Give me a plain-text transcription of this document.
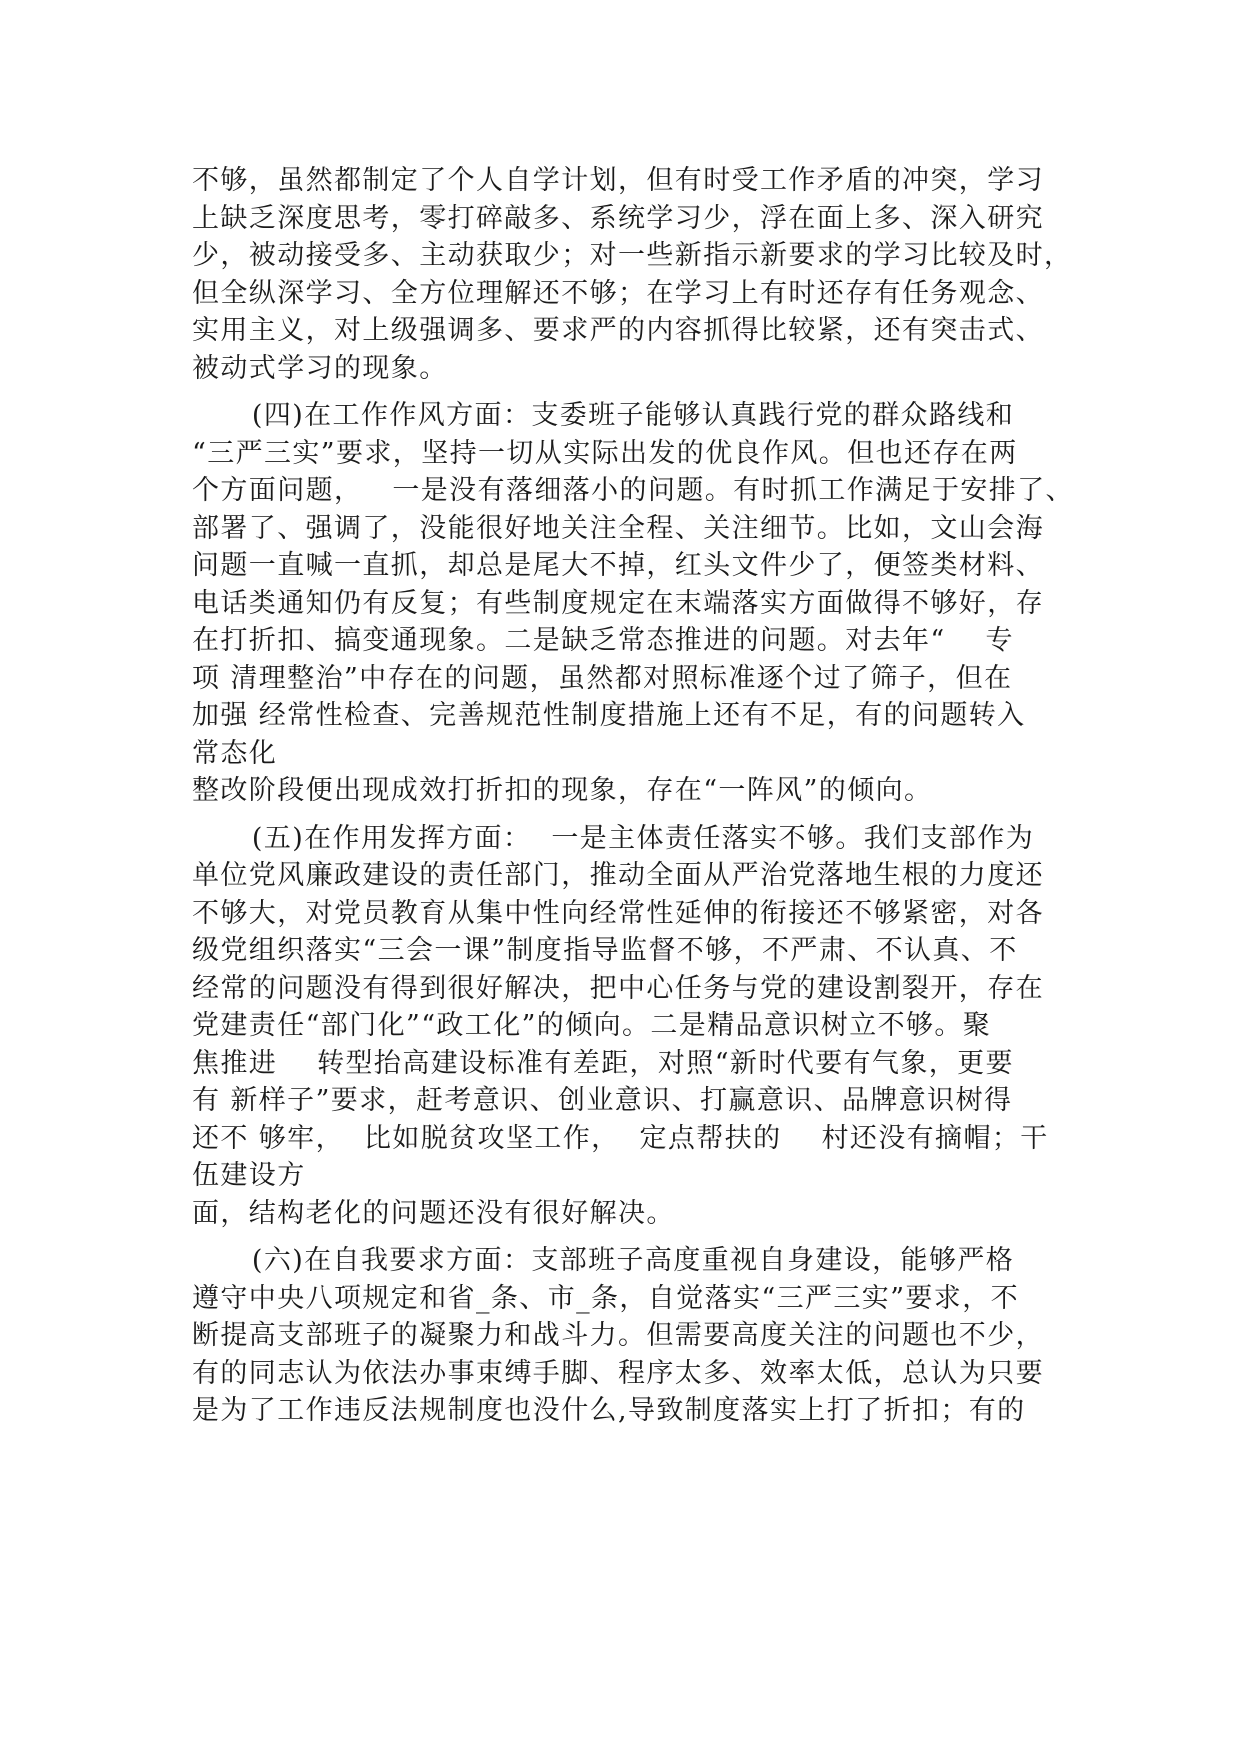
不够，虽然都制定了个人自学计划，但有时受工作矛盾的冲突，学习
上缺乏深度思考，零打碎敲多、系统学习少，浮在面上多、深入研究
少，被动接受多、主动获取少；对一些新指示新要求的学习比较及时，
但全纵深学习、全方位理解还不够；在学习上有时还存有任务观念、
实用主义，对上级强调多、要求严的内容抓得比较紧，还有突击式、
被动式学习的现象。
(四)在工作作风方面：支委班子能够认真践行党的群众路线和
“三严三实”要求，坚持一切从实际出发的优良作风。但也还存在两
个方面问题，   一是没有落细落小的问题。有时抓工作满足于安排了、
部署了、强调了，没能很好地关注全程、关注细节。比如，文山会海
问题一直喊一直抓，却总是尾大不掉，红头文件少了，便签类材料、
电话类通知仍有反复；有些制度规定在末端落实方面做得不够好，存
在打折扣、搞变通现象。二是缺乏常态推进的问题。对去年“    专
项 清理整治”中存在的问题，虽然都对照标准逐个过了筛子，但在
加强 经常性检查、完善规范性制度措施上还有不足，有的问题转入
常态化
整改阶段便出现成效打折扣的现象，存在“一阵风”的倾向。
(五)在作用发挥方面：  一是主体责任落实不够。我们支部作为
单位党风廉政建设的责任部门，推动全面从严治党落地生根的力度还
不够大，对党员教育从集中性向经常性延伸的衔接还不够紧密，对各
级党组织落实“三会一课”制度指导监督不够，不严肃、不认真、不
经常的问题没有得到很好解决，把中心任务与党的建设割裂开，存在
党建责任“部门化”“政工化”的倾向。二是精品意识树立不够。聚
焦推进    转型抬高建设标准有差距，对照“新时代要有气象，更要
有 新样子”要求，赶考意识、创业意识、打赢意识、品牌意识树得
还不 够牢，  比如脱贫攻坚工作，  定点帮扶的    村还没有摘帽；干
伍建设方
面，结构老化的问题还没有很好解决。
(六)在自我要求方面：支部班子高度重视自身建设，能够严格
遵守中央八项规定和省_条、市_条，自觉落实“三严三实”要求，不
断提高支部班子的凝聚力和战斗力。但需要高度关注的问题也不少，
有的同志认为依法办事束缚手脚、程序太多、效率太低，总认为只要
是为了工作违反法规制度也没什么,导致制度落实上打了折扣；有的
